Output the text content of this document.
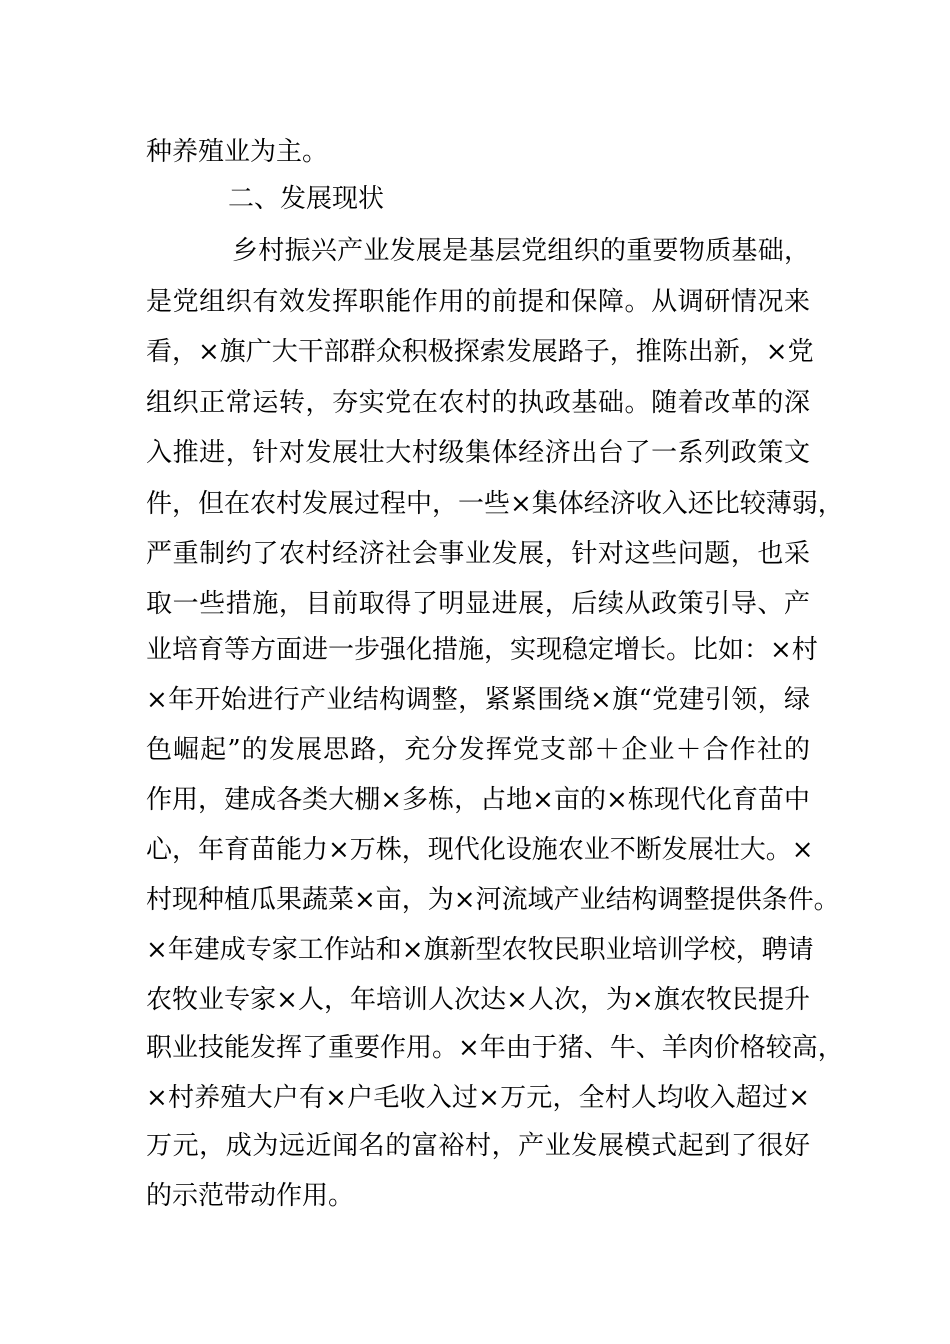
种养殖业为主。
二、发展现状
乡村振兴产业发展是基层党组织的重要物质基础，
是党组织有效发挥职能作用的前提和保障。从调研情况来
看，×旗广大干部群众积极探索发展路子，推陈出新，×党
组织正常运转，夯实党在农村的执政基础。随着改革的深
入推进，针对发展壮大村级集体经济出台了一系列政策文
件，但在农村发展过程中，一些×集体经济收入还比较薄弱，
严重制约了农村经济社会事业发展，针对这些问题，也采
取一些措施，目前取得了明显进展，后续从政策引导、产
业培育等方面进一步强化措施，实现稳定增长。比如：×村
×年开始进行产业结构调整，紧紧围绕×旗“党建引领，绿
色崛起”的发展思路，充分发挥党支部＋企业＋合作社的
作用，建成各类大棚×多栋，占地×亩的×栋现代化育苗中
心，年育苗能力×万株，现代化设施农业不断发展壮大。×
村现种植瓜果蔬菜×亩，为×河流域产业结构调整提供条件。
×年建成专家工作站和×旗新型农牧民职业培训学校，聘请
农牧业专家×人，年培训人次达×人次，为×旗农牧民提升
职业技能发挥了重要作用。×年由于猪、牛、羊肉价格较高，
×村养殖大户有×户毛收入过×万元，全村人均收入超过×
万元，成为远近闻名的富裕村，产业发展模式起到了很好
的示范带动作用。
